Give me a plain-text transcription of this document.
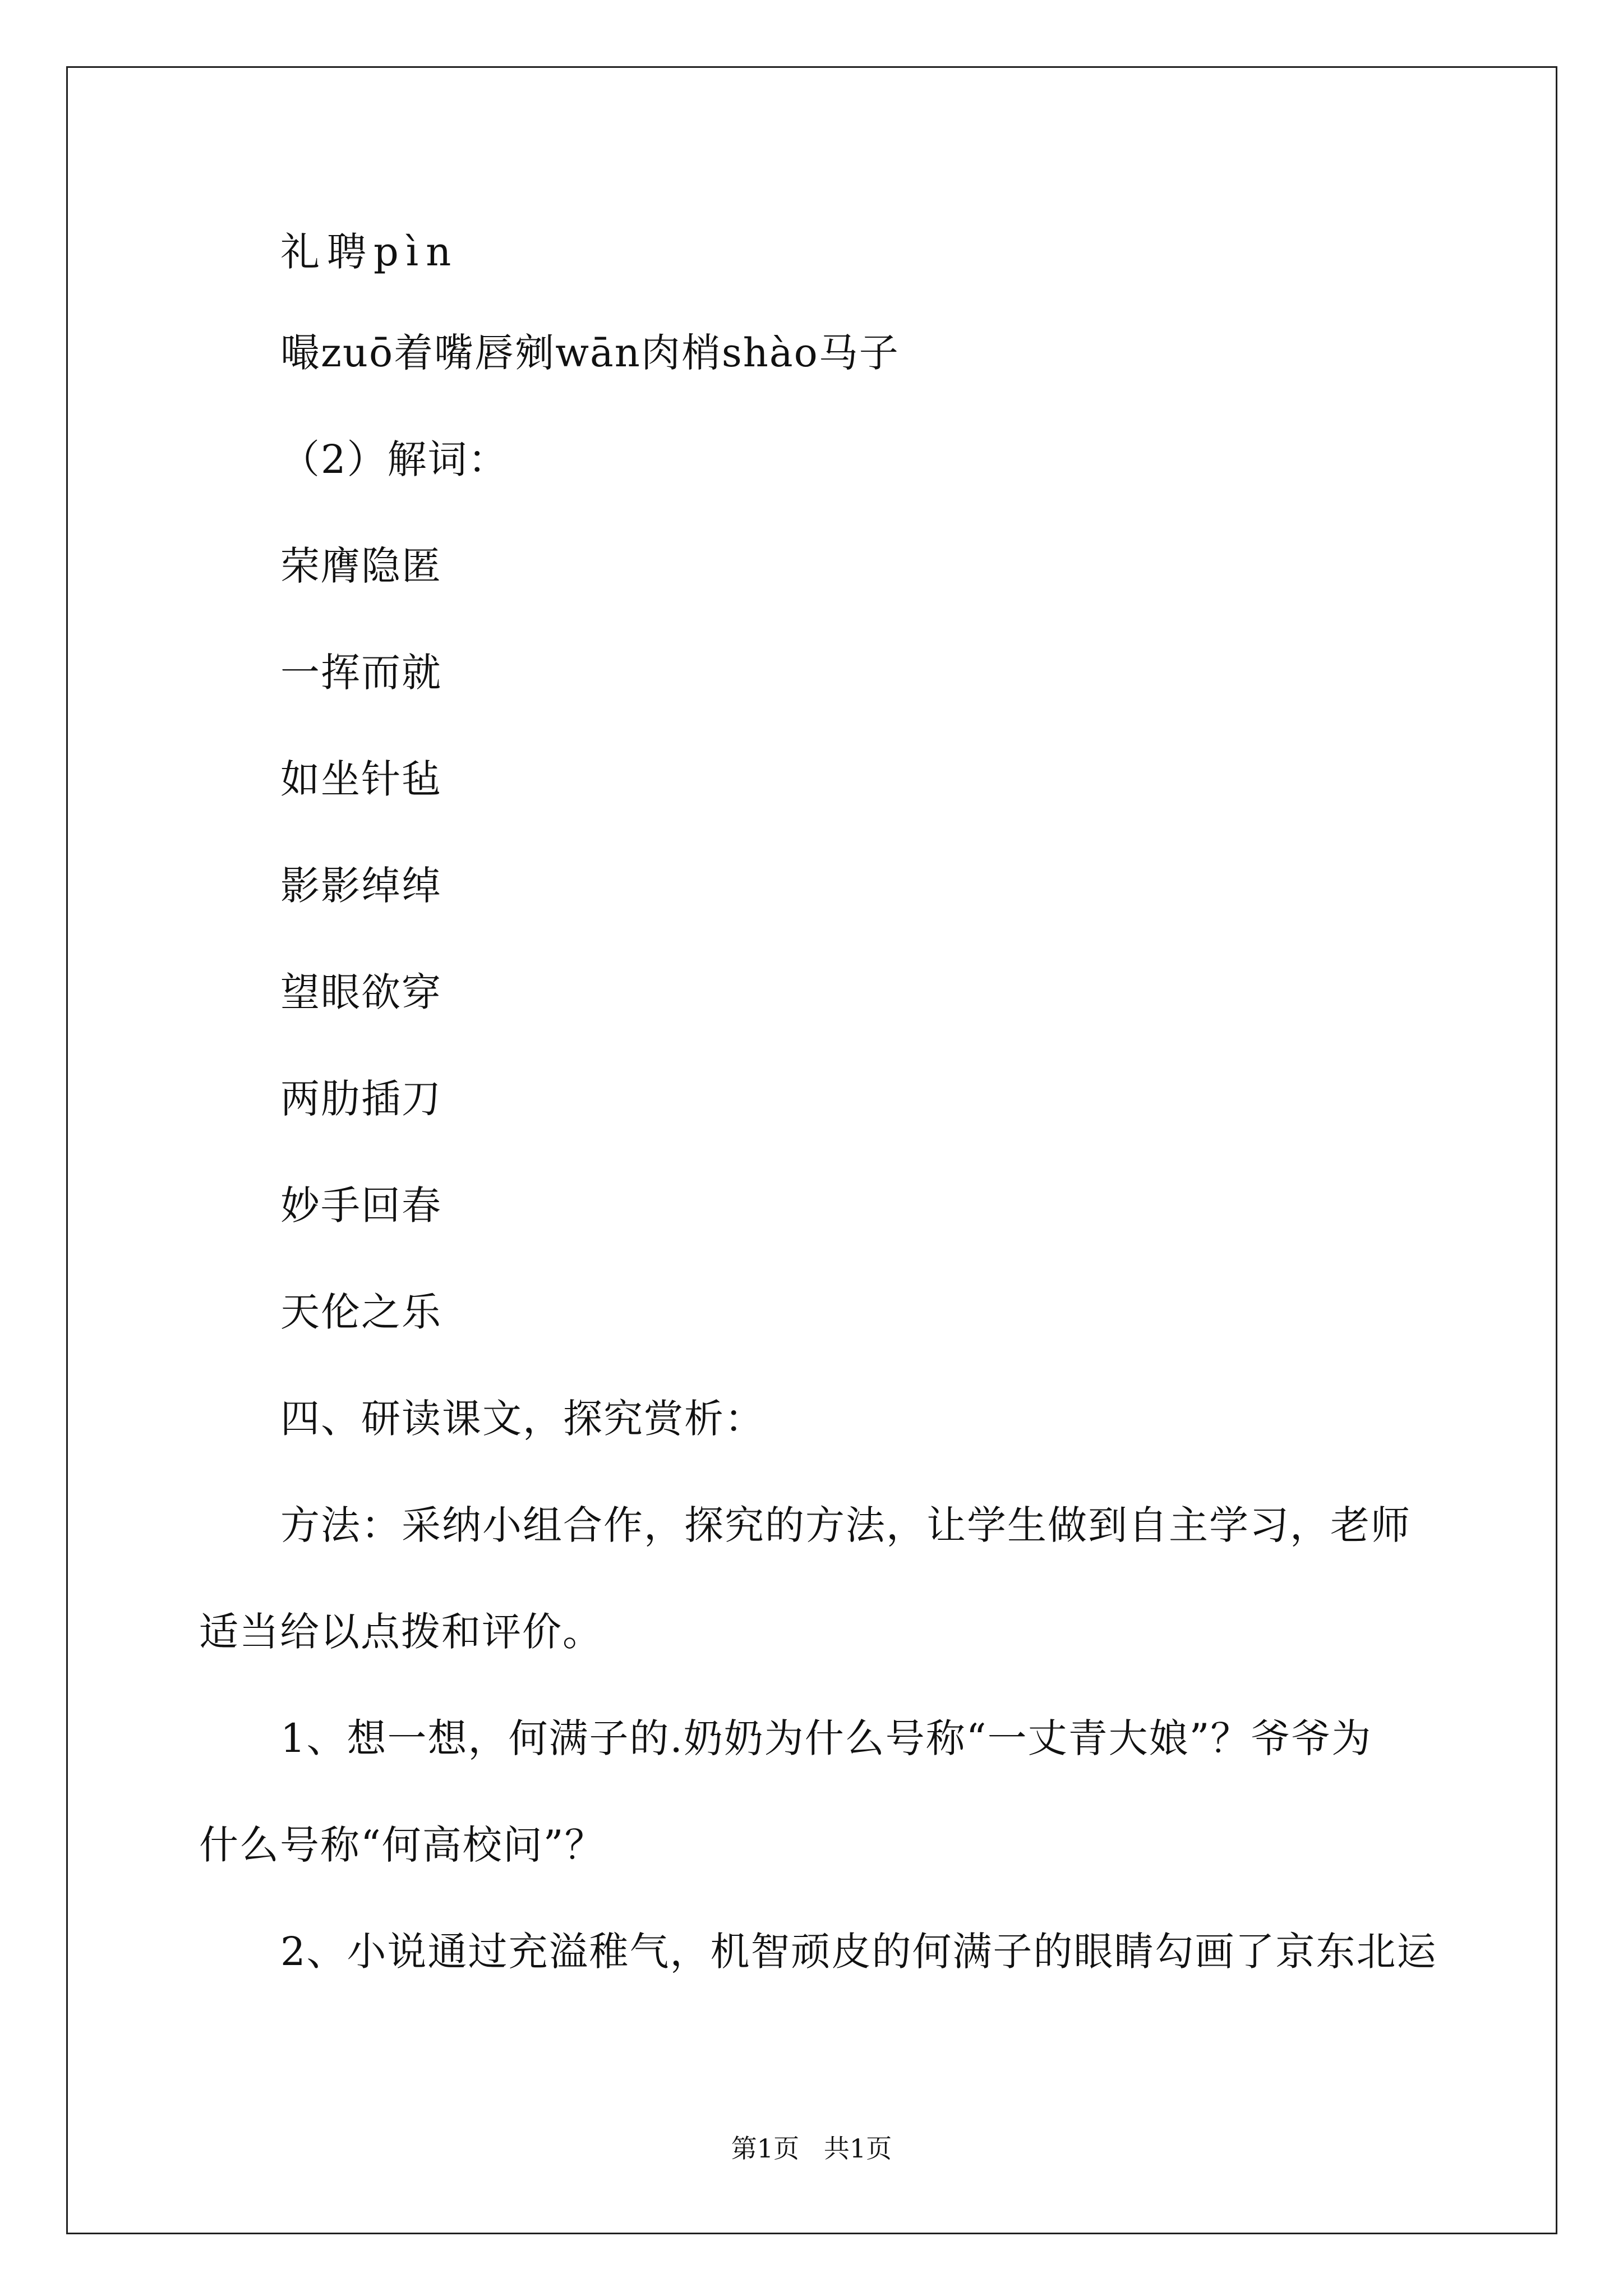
礼聘pìn
嘬zuō着嘴唇剜wān肉梢shào马子
（2）解词：
荣膺隐匿
一挥而就
如坐针毡
影影绰绰
望眼欲穿
两肋插刀
妙手回春
天伦之乐
四、研读课文，探究赏析：
方法：采纳小组合作，探究的方法，让学生做到自主学习，老师
适当给以点拨和评价。
1、想一想，何满子的.奶奶为什么号称“一丈青大娘”？爷爷为
什么号称“何高校问”？
2、小说通过充溢稚气，机智顽皮的何满子的眼睛勾画了京东北运
第1页   共1页
